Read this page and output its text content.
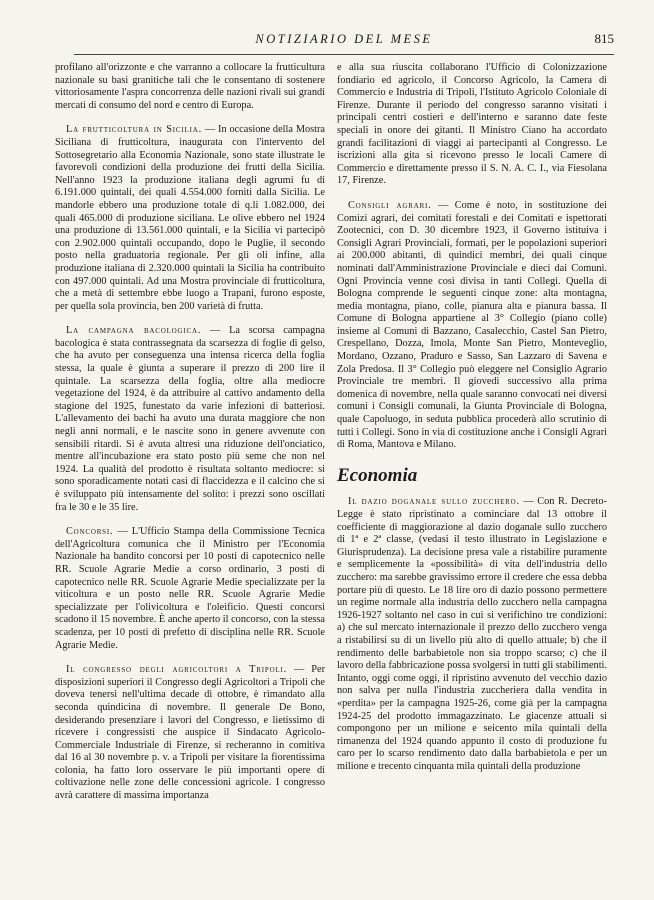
NOTIZIARIO DEL MESE	815

profilano all'orizzonte e che varranno a collocare la frutticultura nazionale su basi granitiche tali che le consentano di sostenere vittoriosamente l'aspra concorrenza delle nazioni rivali sui grandi mercati di consumo del nord e centro di Europa.

La frutticoltura in Sicilia. — In occasione della Mostra Siciliana di frutticoltura, inaugurata con l'intervento del Sottosegretario alla Economia Nazionale, sono state illustrate le favorevoli condizioni della produzione dei frutti della Sicilia. Nell'anno 1923 la produzione italiana degli agrumi fu di 6.191.000 quintali, dei quali 4.554.000 forniti dalla Sicilia. Le mandorle ebbero una produzione totale di q.li 1.082.000, dei quali 465.000 di produzione siciliana. Le olive ebbero nel 1924 una produzione di 13.561.000 quintali, e la Sicilia vi partecipò con 2.902.000 quintali occupando, dopo le Puglie, il secondo posto nella graduatoria regionale. Per gli oli infine, alla produzione italiana di 2.320.000 quintali la Sicilia ha contribuito con 497.000 quintali. Ad una Mostra provinciale di frutticoltura, che a metà di settembre ebbe luogo a Trapani, furono esposte, per quella sola provincia, ben 200 varietà di frutta.

La campagna bacologica. — La scorsa campagna bacologica è stata contrassegnata da scarsezza di foglie di gelso, che ha avuto per conseguenza una intensa ricerca della foglia stessa, la quale è giunta a superare il prezzo di 200 lire il quintale. La scarsezza della foglia, oltre alla mediocre vegetazione del 1924, è da attribuire al cattivo andamento della stagione del 1925, funestato da varie infezioni di batteriosi. L'allevamento dei bachi ha avuto una durata maggiore che non negli anni normali, e le nascite sono in genere avvenute con sensibili ritardi. Si è avuta altresì una riduzione dell'onciatico, mentre all'incubazione era stato posto più seme che non nel 1924. La qualità del prodotto è risultata soltanto mediocre: si sono sporadicamente notati casi di flaccidezza e il calcino che si è sviluppato più intensamente del solito: i prezzi sono oscillati fra le 30 e le 35 lire.

Concorsi. — L'Ufficio Stampa della Commissione Tecnica dell'Agricoltura comunica che il Ministro per l'Economia Nazionale ha bandito concorsi per 10 posti di capotecnico nelle RR. Scuole Agrarie Medie a corso ordinario, 3 posti di capotecnico nelle RR. Scuole Agrarie Medie specializzate per la viticoltura e un posto nelle RR. Scuole Agrarie Medie specializzate per l'olivicoltura e l'oleificio. Questi concorsi scadono il 15 novembre. È anche aperto il concorso, con la stessa scadenza, per 10 posti di prefetto di disciplina nelle RR. Scuole Agrarie Medie.

Il congresso degli agricoltori a Tripoli. — Per disposizioni superiori il Congresso degli Agricoltori a Tripoli che doveva tenersi nell'ultima decade di ottobre, è rimandato alla seconda quindicina di novembre. Il generale De Bono, desiderando presenziare i lavori del Congresso, e lietissimo di ricevere i congressisti che auspice il Sindacato Agricolo-Commerciale Industriale di Firenze, si recheranno in comitiva dal 16 al 30 novembre p. v. a Tripoli per visitare la fiorentissima colonia, ha fatto loro osservare le più importanti opere di coltivazione nelle zone delle concessioni agricole. I congresso avrà carattere di massima importanza

e alla sua riuscita collaborano l'Ufficio di Colonizzazione fondiario ed agricolo, il Concorso Agricolo, la Camera di Commercio e Industria di Tripoli, l'Istituto Agricolo Coloniale di Firenze. Durante il periodo del congresso saranno visitati i principali centri costieri e dell'interno e saranno date feste speciali in onore dei gitanti. Il Ministro Ciano ha accordato grandi facilitazioni di viaggi ai partecipanti al Congresso. Le iscrizioni alla gita si ricevono presso le locali Camere di Commercio e direttamente presso il S. N. A. C. I., via Fiesolana 17, Firenze.

Consigli agrari. — Come è noto, in sostituzione dei Comizi agrari, dei comitati forestali e dei Comitati e ispettorati Zootecnici, con D. 30 dicembre 1923, il Governo istituiva i Consigli Agrari Provinciali, formati, per le popolazioni superiori ai 200.000 abitanti, di quindici membri, dei quali cinque nominati dall'Amministrazione Provinciale e dieci dai Comuni. Ogni Provincia venne così divisa in tanti Collegi. Quella di Bologna comprende le seguenti cinque zone: alta montagna, media montagna, piano, colle, pianura alta e pianura bassa. Il Comune di Bologna appartiene al 3° Collegio (piano colle) insieme al Comuni di Bazzano, Casalecchio, Castel San Pietro, Crespellano, Dozza, Imola, Monte San Pietro, Monteveglio, Mordano, Ozzano, Pradurо e Sasso, San Lazzaro di Savena e Zola Predosa. Il 3° Collegio può eleggere nel Consiglio Agrario Provinciale tre membri. Il giovedì successivo alla prima domenica di novembre, nella quale saranno convocati nei diversi comuni i Consigli comunali, la Giunta Provinciale di Bologna, quale Capoluogo, in seduta pubblica procederà allo scrutinio di tutti i Collegi. Sono in via di costituzione anche i Consigli Agrari di Roma, Mantova e Milano.

Economia

Il dazio doganale sullo zucchero. — Con R. Decreto-Legge è stato ripristinato a cominciare dal 13 ottobre il coefficiente di maggiorazione al dazio doganale sullo zucchero di 1ª e 2ª classe, (vedasi il testo illustrato in Legislazione e Giurisprudenza). La decisione presa vale a ristabilire puramente e semplicemente la «possibilità» di vita dell'industria dello zucchero: ma sarebbe gravissimo errore il credere che essa debba portare più di questo. Le 18 lire oro di dazio possono permettere un regime normale alla industria dello zucchero nella campagna 1926-1927 soltanto nel caso in cui si verifichino tre condizioni: a) che sul mercato internazionale il prezzo dello zucchero venga a ristabilirsi su di un livello più alto di quello attuale; b) che il rendimento delle barbabietole non sia troppo scarso; c) che il lavoro della fabbricazione possa svolgersi in tutti gli stabilimenti. Intanto, oggi come oggi, il ripristino avvenuto del vecchio dazio non salva per nulla l'industria zuccheriera dalla vendita in «perdita» per la campagna 1925-26, come già per la campagna 1924-25 del prodotto immagazzinato. Le giacenze attuali si compongono per un milione e seicento mila quintali della rimanenza del 1924 quando appunto il costo di produzione fu caro per lo scarso rendimento dato dalla barbabietola e per un milione e trecento cinquanta mila quintali della produzione
